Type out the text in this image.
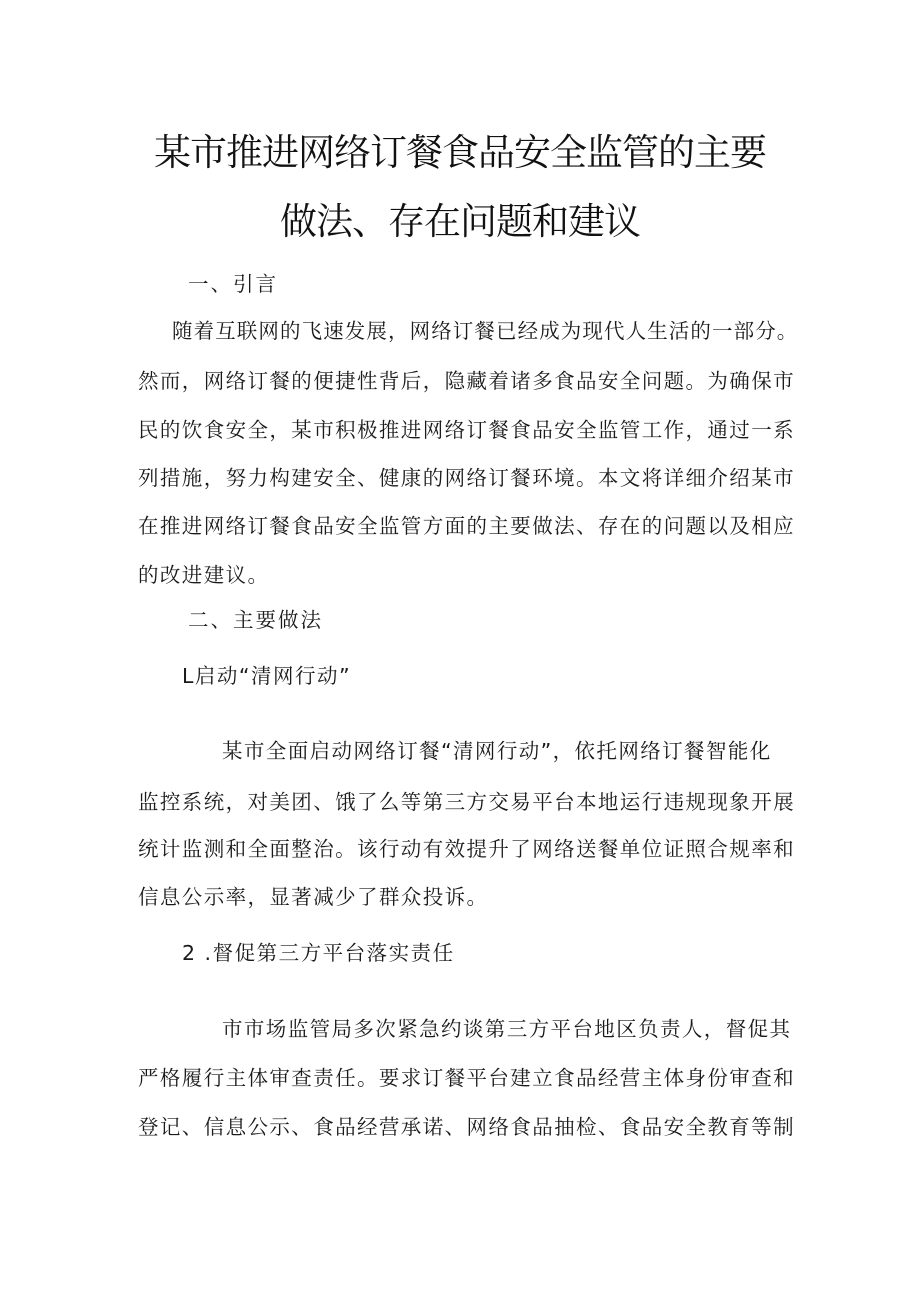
某市推进网络订餐食品安全监管的主要
做法、存在问题和建议

一、引言

随着互联网的飞速发展，网络订餐已经成为现代人生活的一部分。

然而，网络订餐的便捷性背后，隐藏着诸多食品安全问题。为确保市

民的饮食安全，某市积极推进网络订餐食品安全监管工作，通过一系

列措施，努力构建安全、健康的网络订餐环境。本文将详细介绍某市

在推进网络订餐食品安全监管方面的主要做法、存在的问题以及相应

的改进建议。

二、主要做法

L启动“清网行动”

某市全面启动网络订餐“清网行动”，依托网络订餐智能化

监控系统，对美团、饿了么等第三方交易平台本地运行违规现象开展

统计监测和全面整治。该行动有效提升了网络送餐单位证照合规率和

信息公示率，显著减少了群众投诉。

2 .督促第三方平台落实责任

市市场监管局多次紧急约谈第三方平台地区负责人，督促其

严格履行主体审查责任。要求订餐平台建立食品经营主体身份审查和

登记、信息公示、食品经营承诺、网络食品抽检、食品安全教育等制
